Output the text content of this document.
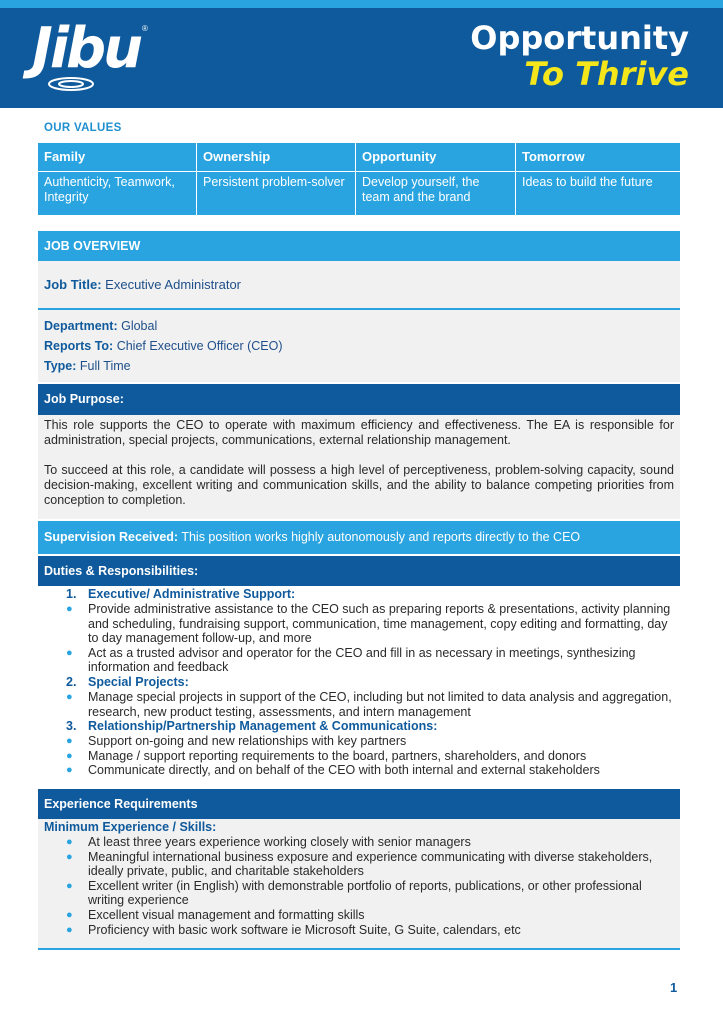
Jibu ®	Opportunity
To Thrive
OUR VALUES
Family
Authenticity, Teamwork, Integrity
Ownership
Persistent problem-solver
Opportunity
Develop yourself, the team and the brand
Tomorrow
Ideas to build the future
JOB OVERVIEW
Job Title: Executive Administrator
Department: Global
Reports To: Chief Executive Officer (CEO)
Type: Full Time
Job Purpose:

This role supports the CEO to operate with maximum efficiency and effectiveness. The EA is responsible for administration, special projects, communications, external relationship management.

To succeed at this role, a candidate will possess a high level of perceptiveness, problem-solving capacity, sound decision-making, excellent writing and communication skills, and the ability to balance competing priorities from conception to completion.

Supervision Received: This position works highly autonomously and reports directly to the CEO
Duties & Responsibilities:
1. Executive/ Administrative Support:
● Provide administrative assistance to the CEO such as preparing reports & presentations, activity planning and scheduling, fundraising support, communication, time management, copy editing and formatting, day to day management follow-up, and more
● Act as a trusted advisor and operator for the CEO and fill in as necessary in meetings, synthesizing information and feedback
2. Special Projects:
● Manage special projects in support of the CEO, including but not limited to data analysis and aggregation, research, new product testing, assessments, and intern management
3. Relationship/Partnership Management & Communications:
● Support on-going and new relationships with key partners
● Manage / support reporting requirements to the board, partners, shareholders, and donors
● Communicate directly, and on behalf of the CEO with both internal and external stakeholders
Experience Requirements
Minimum Experience / Skills:
● At least three years experience working closely with senior managers
● Meaningful international business exposure and experience communicating with diverse stakeholders, ideally private, public, and charitable stakeholders
● Excellent writer (in English) with demonstrable portfolio of reports, publications, or other professional writing experience
● Excellent visual management and formatting skills
● Proficiency with basic work software ie Microsoft Suite, G Suite, calendars, etc
1
